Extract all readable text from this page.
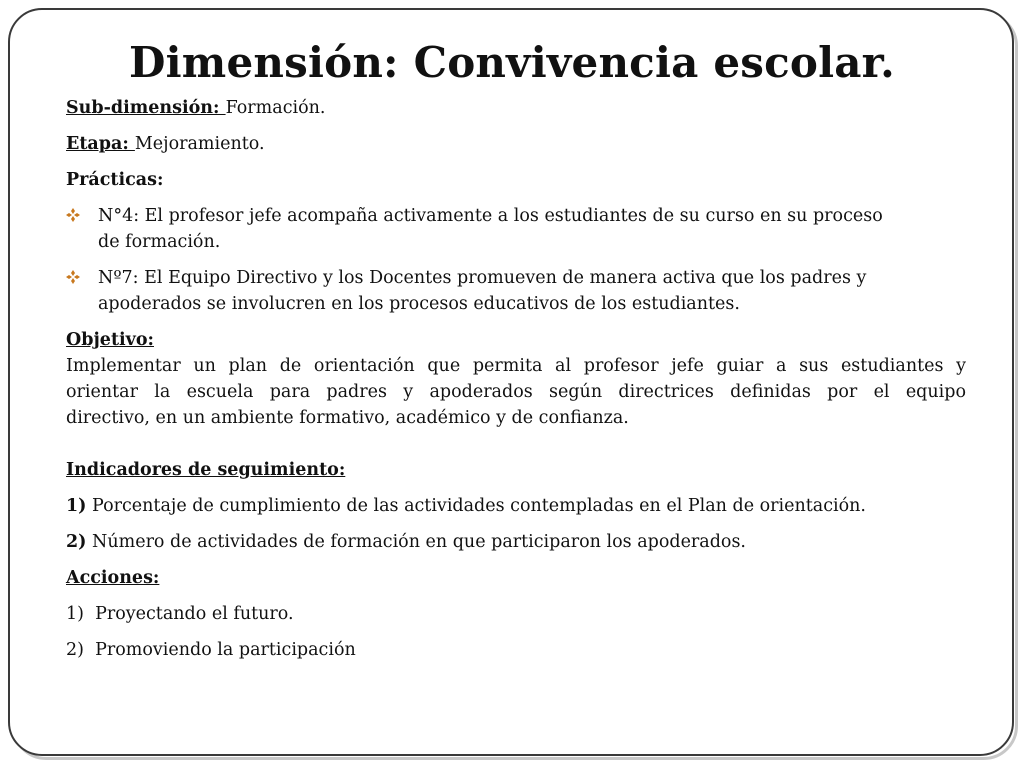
Dimensión: Convivencia escolar.

Sub-dimensión: Formación.

Etapa: Mejoramiento.

Prácticas:

N°4: El profesor jefe acompaña activamente a los estudiantes de su curso en su proceso
de formación.
Nº7: El Equipo Directivo y los Docentes promueven de manera activa que los padres y
apoderados se involucren en los procesos educativos de los estudiantes.

Objetivo:

Implementar un plan de orientación que permita al profesor jefe guiar a sus estudiantes y
orientar la escuela para padres y apoderados según directrices definidas por el equipo
directivo, en un ambiente formativo, académico y de confianza.

Indicadores de seguimiento:

1) Porcentaje de cumplimiento de las actividades contempladas en el Plan de orientación.

2) Número de actividades de formación en que participaron los apoderados.

Acciones:

1)  Proyectando el futuro.

2)  Promoviendo la participación
